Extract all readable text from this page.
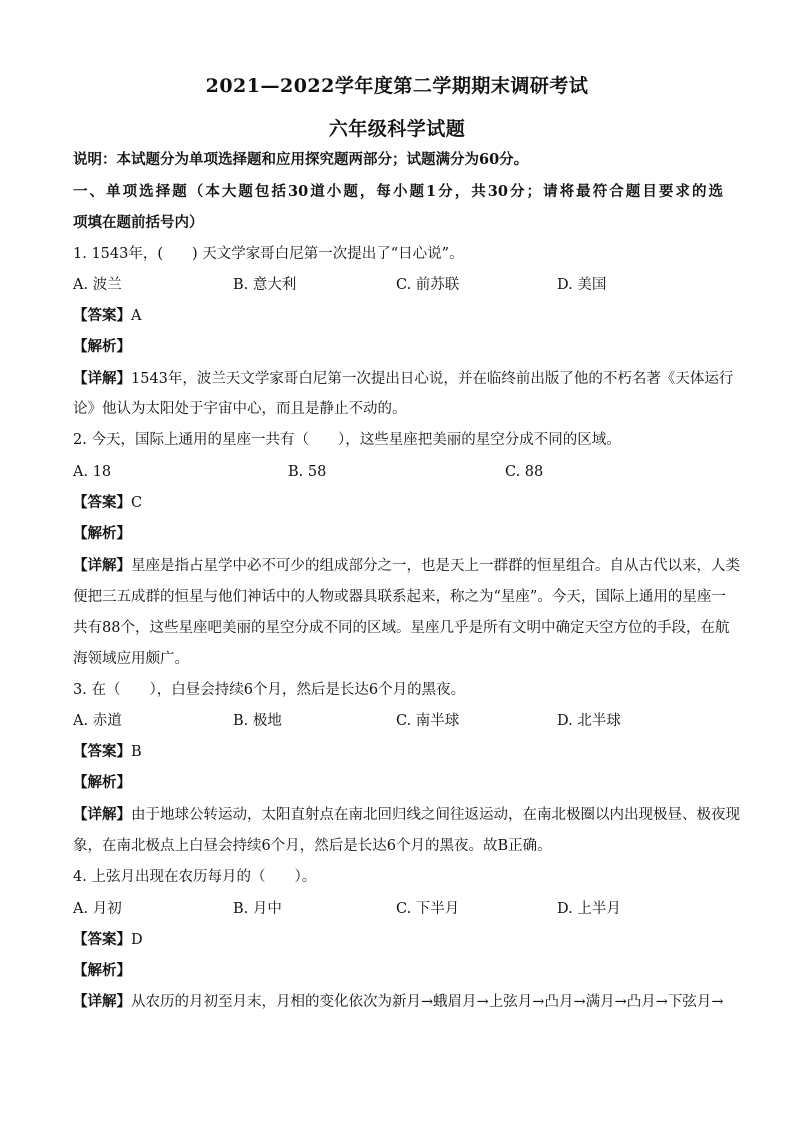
2021—2022学年度第二学期期末调研考试
六年级科学试题
说明：本试题分为单项选择题和应用探究题两部分；试题满分为60分。
一、单项选择题（本大题包括30道小题，每小题1分，共30分；请将最符合题目要求的选
项填在题前括号内）
1. 1543年，(　　) 天文学家哥白尼第一次提出了“日心说”。
A. 波兰	B. 意大利	C. 前苏联	D. 美国
【答案】A
【解析】
【详解】1543年，波兰天文学家哥白尼第一次提出日心说，并在临终前出版了他的不朽名著《天体运行
论》他认为太阳处于宇宙中心，而且是静止不动的。
2. 今天，国际上通用的星座一共有（　　），这些星座把美丽的星空分成不同的区域。
A. 18	B. 58	C. 88
【答案】C
【解析】
【详解】星座是指占星学中必不可少的组成部分之一，也是天上一群群的恒星组合。自从古代以来，人类
便把三五成群的恒星与他们神话中的人物或器具联系起来，称之为“星座”。今天，国际上通用的星座一
共有88个，这些星座吧美丽的星空分成不同的区域。星座几乎是所有文明中确定天空方位的手段，在航
海领域应用颇广。
3. 在（　　），白昼会持续6个月，然后是长达6个月的黑夜。
A. 赤道	B. 极地	C. 南半球	D. 北半球
【答案】B
【解析】
【详解】由于地球公转运动，太阳直射点在南北回归线之间往返运动，在南北极圈以内出现极昼、极夜现
象，在南北极点上白昼会持续6个月，然后是长达6个月的黑夜。故B正确。
4. 上弦月出现在农历每月的（　　）。
A. 月初	B. 月中	C. 下半月	D. 上半月
【答案】D
【解析】
【详解】从农历的月初至月末，月相的变化依次为新月→蛾眉月→上弦月→凸月→满月→凸月→下弦月→
